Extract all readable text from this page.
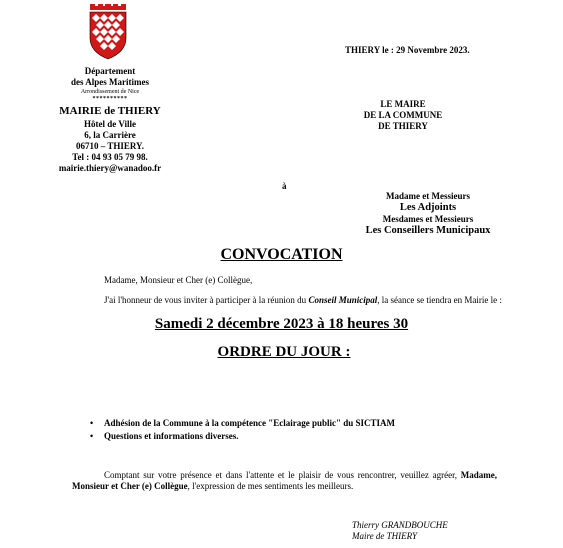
Département
des Alpes Maritimes
Arrondissement de Nice
**********
MAIRIE de THIERY
Hôtel de Ville
6, la Carrière
06710 – THIERY.
Tel : 04 93 05 79 98.
mairie.thiery@wanadoo.fr
THIERY le : 29 Novembre 2023.
LE MAIRE
DE LA COMMUNE
DE THIERY
à
Madame et Messieurs
Les Adjoints
Mesdames et Messieurs
Les Conseillers Municipaux
CONVOCATION
Madame, Monsieur et Cher (e) Collègue,
J'ai l'honneur de vous inviter à participer à la réunion du Conseil Municipal, la séance se tiendra en Mairie le :
Samedi 2 décembre 2023 à 18 heures 30
ORDRE DU JOUR :
• Adhésion de la Commune à la compétence "Eclairage public" du SICTIAM
• Questions et informations diverses.
Comptant sur votre présence et dans l'attente et le plaisir de vous rencontrer, veuillez agréer, Madame, Monsieur et Cher (e) Collègue, l'expression de mes sentiments les meilleurs.
Thierry GRANDBOUCHE
Maire de THIERY
